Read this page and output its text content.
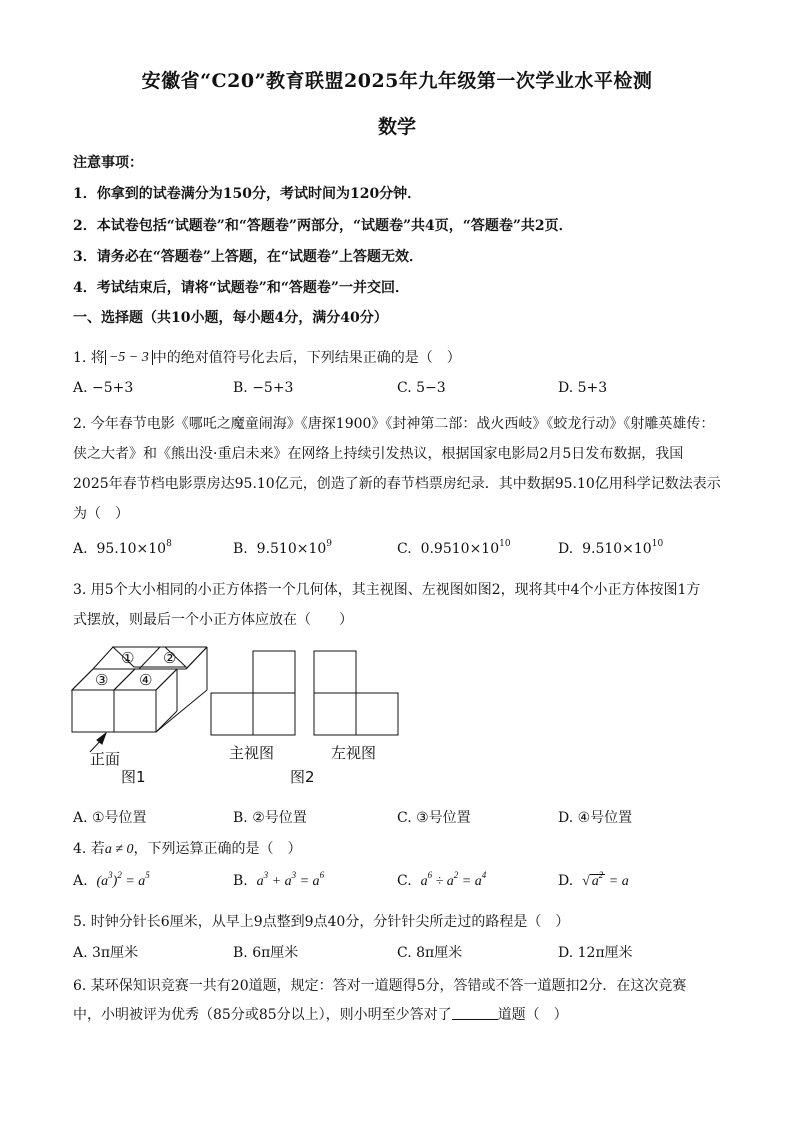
安徽省“C20”教育联盟2025年九年级第一次学业水平检测
数学
注意事项：
1．你拿到的试卷满分为150分，考试时间为120分钟．
2．本试卷包括“试题卷”和“答题卷”两部分，“试题卷”共4页，“答题卷”共2页．
3．请务必在“答题卷”上答题，在“试题卷”上答题无效．
4．考试结束后，请将“试题卷”和“答题卷”一并交回．
一、选择题（共10小题，每小题4分，满分40分）
1. 将 −5 − 3 中的绝对值符号化去后，下列结果正确的是（　）
A. −5+3	B. −5+3	C. 5−3	D. 5+3
2. 今年春节电影《哪吒之魔童闹海》《唐探1900》《封神第二部：战火西岐》《蛟龙行动》《射雕英雄传：
侠之大者》和《熊出没·重启未来》在网络上持续引发热议，根据国家电影局2月5日发布数据，我国
2025年春节档电影票房达95.10亿元，创造了新的春节档票房纪录．其中数据95.10亿用科学记数法表示
为（　）
A. $95.10\times 10^8$	B. $9.510\times 10^9$	C. $0.9510\times 10^{10}$	D. $9.510\times 10^{10}$
3. 用5个大小相同的小正方体搭一个几何体，其主视图、左视图如图2，现将其中4个小正方体按图1方
式摆放，则最后一个小正方体应放在（　　）
① ②
③ ④
正面
图1
主视图	左视图
图2
A. ①号位置	B. ②号位置	C. ③号位置	D. ④号位置
4. 若a ≠ 0，下列运算正确的是（　）
A. $(a^3)^2 = a^5$	B. $a^3 + a^3 = a^6$	C. $a^6 \div a^2 = a^4$	D. √ $a^2 = a$
5. 时钟分针长6厘米，从早上9点整到9点40分，分针针尖所走过的路程是（　）
A. 3π厘米	B. 6π厘米	C. 8π厘米	D. 12π厘米
6. 某环保知识竞赛一共有20道题，规定：答对一道题得5分，答错或不答一道题扣2分．在这次竞赛
中，小明被评为优秀（85分或85分以上），则小明至少答对了	道题（　）
